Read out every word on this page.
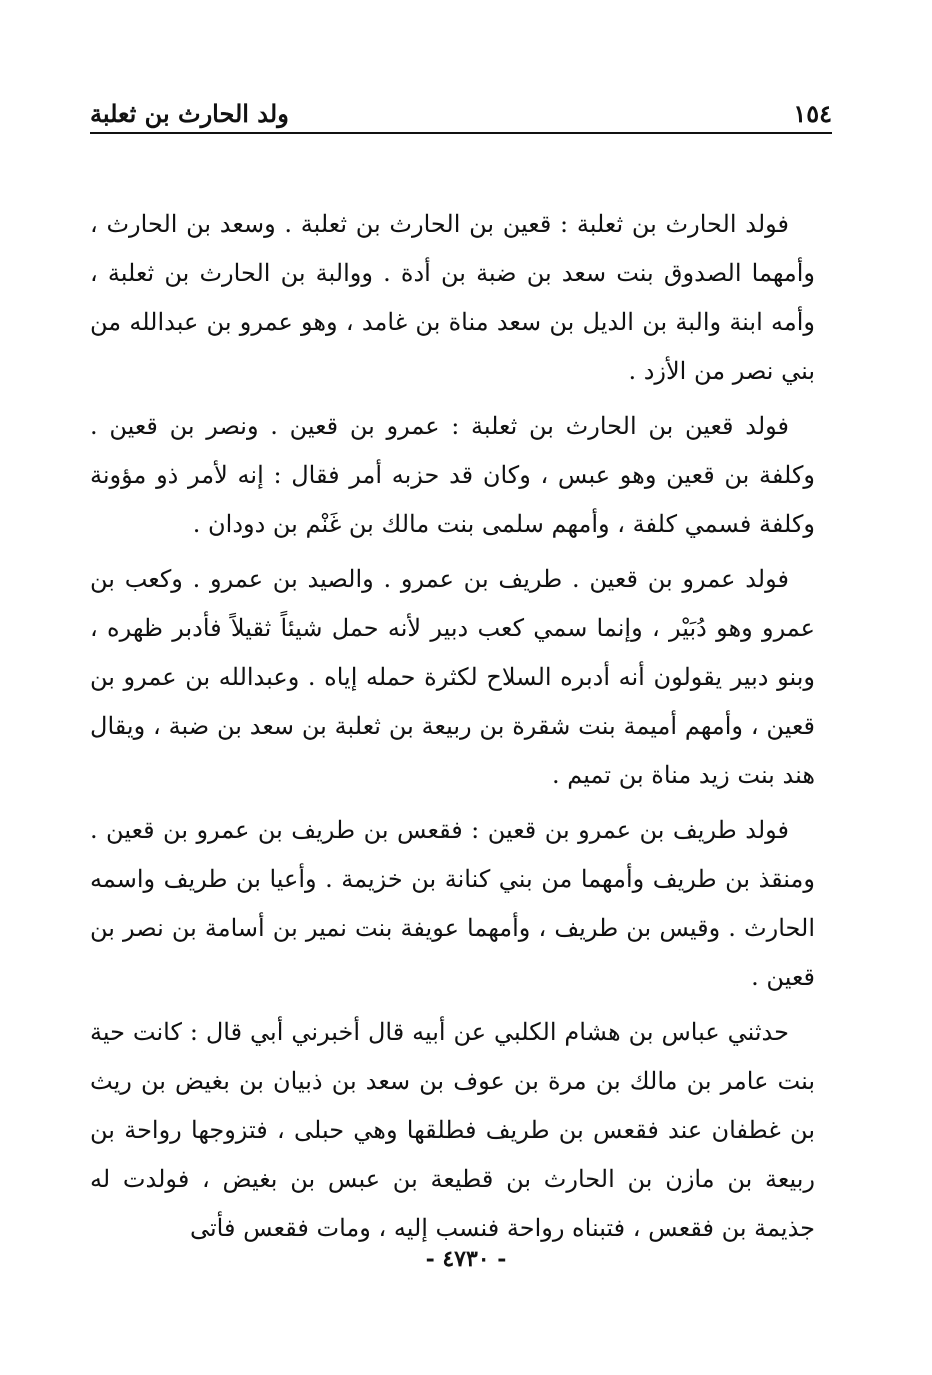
ولد الحارث بن ثعلبة	١٥٤

فولد الحارث بن ثعلبة : قعين بن الحارث بن ثعلبة . وسعد بن الحارث ، وأمهما الصدوق بنت سعد بن ضبة بن أدة . ووالبة بن الحارث بن ثعلبة ، وأمه ابنة والبة بن الديل بن سعد مناة بن غامد ، وهو عمرو بن عبدالله من بني نصر من الأزد .

فولد قعين بن الحارث بن ثعلبة : عمرو بن قعين . ونصر بن قعين . وكلفة بن قعين وهو عبس ، وكان قد حزبه أمر فقال : إنه لأمر ذو مؤونة وكلفة فسمي كلفة ، وأمهم سلمى بنت مالك بن غَنْم بن دودان .

فولد عمرو بن قعين . طريف بن عمرو . والصيد بن عمرو . وكعب بن عمرو وهو دُبَيْر ، وإنما سمي كعب دبير لأنه حمل شيئاً ثقيلاً فأدبر ظهره ، وبنو دبير يقولون أنه أدبره السلاح لكثرة حمله إياه . وعبدالله بن عمرو بن قعين ، وأمهم أميمة بنت شقرة بن ربيعة بن ثعلبة بن سعد بن ضبة ، ويقال هند بنت زيد مناة بن تميم .

فولد طريف بن عمرو بن قعين : فقعس بن طريف بن عمرو بن قعين . ومنقذ بن طريف وأمهما من بني كنانة بن خزيمة . وأعيا بن طريف واسمه الحارث . وقيس بن طريف ، وأمهما عويفة بنت نمير بن أسامة بن نصر بن قعين .

حدثني عباس بن هشام الكلبي عن أبيه قال أخبرني أبي قال : كانت حية بنت عامر بن مالك بن مرة بن عوف بن سعد بن ذبيان بن بغيض بن ريث بن غطفان عند فقعس بن طريف فطلقها وهي حبلى ، فتزوجها رواحة بن ربيعة بن مازن بن الحارث بن قطيعة بن عبس بن بغيض ، فولدت له جذيمة بن فقعس ، فتبناه رواحة فنسب إليه ، ومات فقعس فأتى

- ٤٧٣٠ -
